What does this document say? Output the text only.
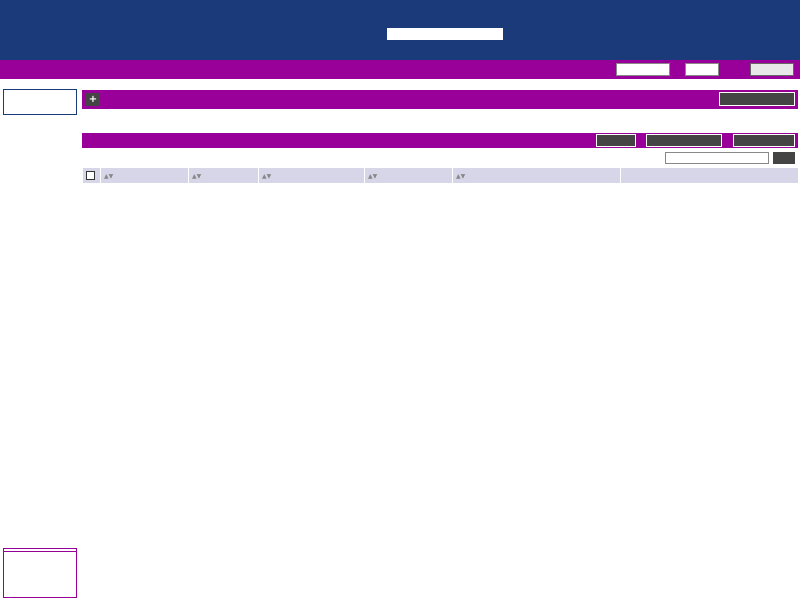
+
	▲▼	▲▼	▲▼	▲▼	▲▼	
